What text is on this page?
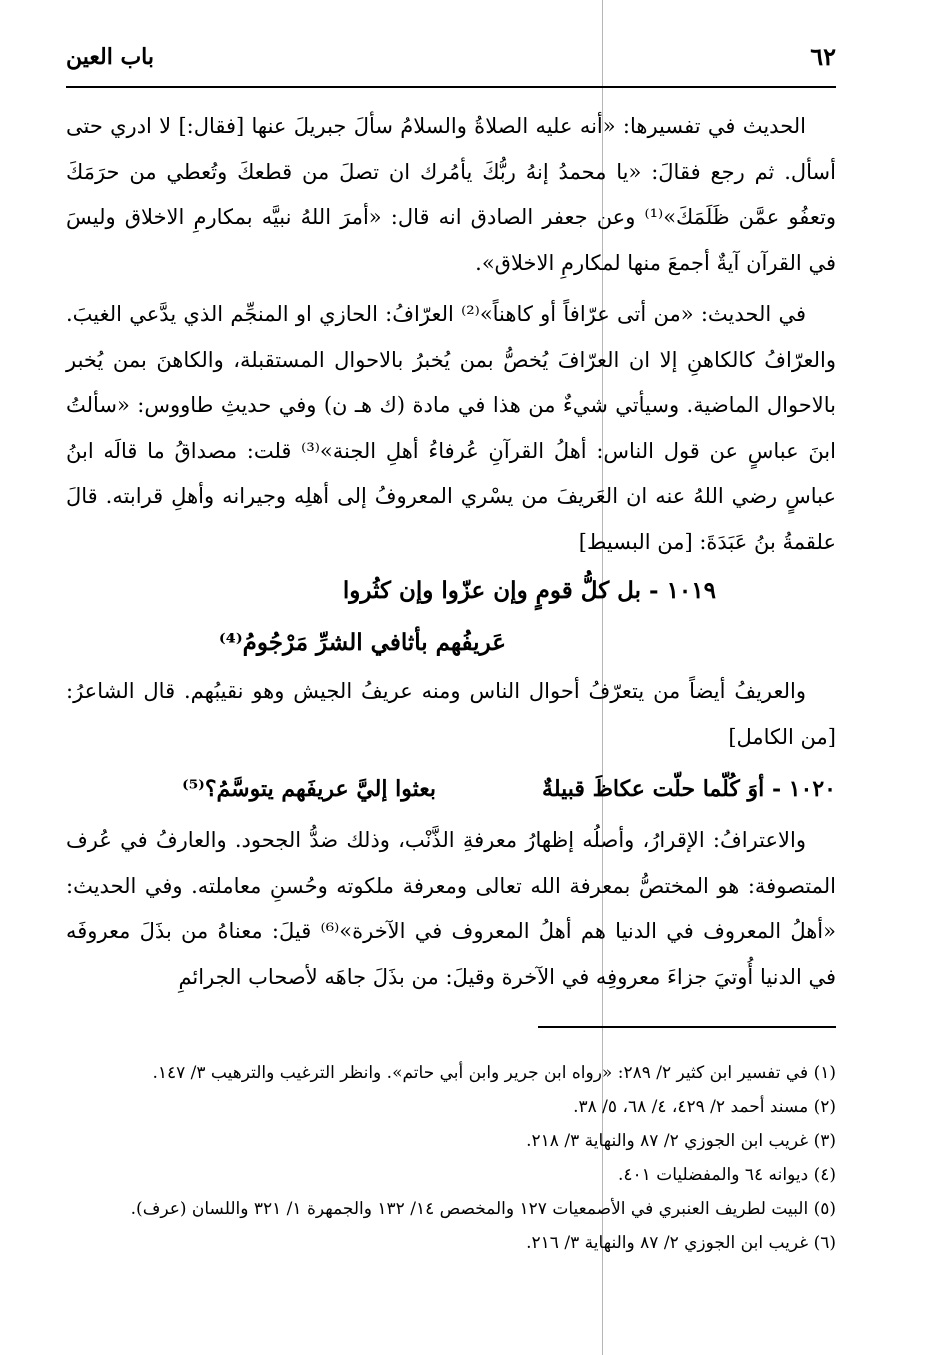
٦٢
باب العين

الحديث في تفسيرها: «أنه عليه الصلاةُ والسلامُ سألَ جبريلَ عنها [فقال:] لا ادري حتى أسأل. ثم رجع فقالَ: «يا محمدُ إنهُ ربُّكَ يأمُرك ان تصلَ من قطعكَ وتُعطي من حرَمَكَ وتعفُو عمَّن ظَلَمَكَ»⁽¹⁾ وعن جعفر الصادق انه قال: «أمرَ اللهُ نبيَّه بمكارمِ الاخلاق وليسَ في القرآن آيةٌ أجمعَ منها لمكارمِ الاخلاق».

في الحديث: «من أتى عرّافاً أو كاهناً»⁽²⁾ العرّافُ: الحازي او المنجِّم الذي يدَّعي الغيبَ. والعرّافُ كالكاهنِ إلا ان العرّافَ يُخصُّ بمن يُخبرُ بالاحوال المستقبلة، والكاهنَ بمن يُخبر بالاحوال الماضية. وسيأتي شيءٌ من هذا في مادة (ك هـ ن) وفي حديثِ طاووس: «سألتُ ابنَ عباسٍ عن قول الناس: أهلُ القرآنِ عُرفاءُ أهلِ الجنة»⁽³⁾ قلت: مصداقُ ما قالَه ابنُ عباسٍ رضي اللهُ عنه ان العَريفَ من يسْري المعروفُ إلى أهلِه وجيرانه وأهلِ قرابته. قالَ علقمةُ بنُ عَبَدَةَ: [من البسيط]

١٠١٩ - بل كلُّ قومٍ وإن عزّوا وإن كثُروا
عَريفُهم بأثافي الشرِّ مَرْجُومُ⁽⁴⁾

والعريفُ أيضاً من يتعرّفُ أحوال الناس ومنه عريفُ الجيش وهو نقيبُهم. قال الشاعرُ: [من الكامل]

١٠٢٠ - أوَ كُلّما حلّت عكاظَ قبيلةٌ
بعثوا إليَّ عريفَهم يتوسَّمُ؟⁽⁵⁾

والاعترافُ: الإقرارُ، وأصلُه إظهارُ معرفةِ الذَّنْب، وذلك ضدُّ الجحود. والعارفُ في عُرف المتصوفة: هو المختصُّ بمعرفة الله تعالى ومعرفة ملكوته وحُسنِ معاملته. وفي الحديث: «أهلُ المعروف في الدنيا هم أهلُ المعروف في الآخرة»⁽⁶⁾ قيلَ: معناهُ من بذَلَ معروفَه في الدنيا أُوتيَ جزاءَ معروفِه في الآخرة وقيلَ: من بذَلَ جاهَه لأصحاب الجرائمِ

(١) في تفسير ابن كثير ٢/ ٢٨٩: «رواه ابن جرير وابن أبي حاتم». وانظر الترغيب والترهيب ٣/ ١٤٧.
(٢) مسند أحمد ٢/ ٤٢٩، ٤/ ٦٨، ٥/ ٣٨.
(٣) غريب ابن الجوزي ٢/ ٨٧ والنهاية ٣/ ٢١٨.
(٤) ديوانه ٦٤ والمفضليات ٤٠١.
(٥) البيت لطريف العنبري في الأصمعيات ١٢٧ والمخصص ١٤/ ١٣٢ والجمهرة ١/ ٣٢١ واللسان (عرف).
(٦) غريب ابن الجوزي ٢/ ٨٧ والنهاية ٣/ ٢١٦.
